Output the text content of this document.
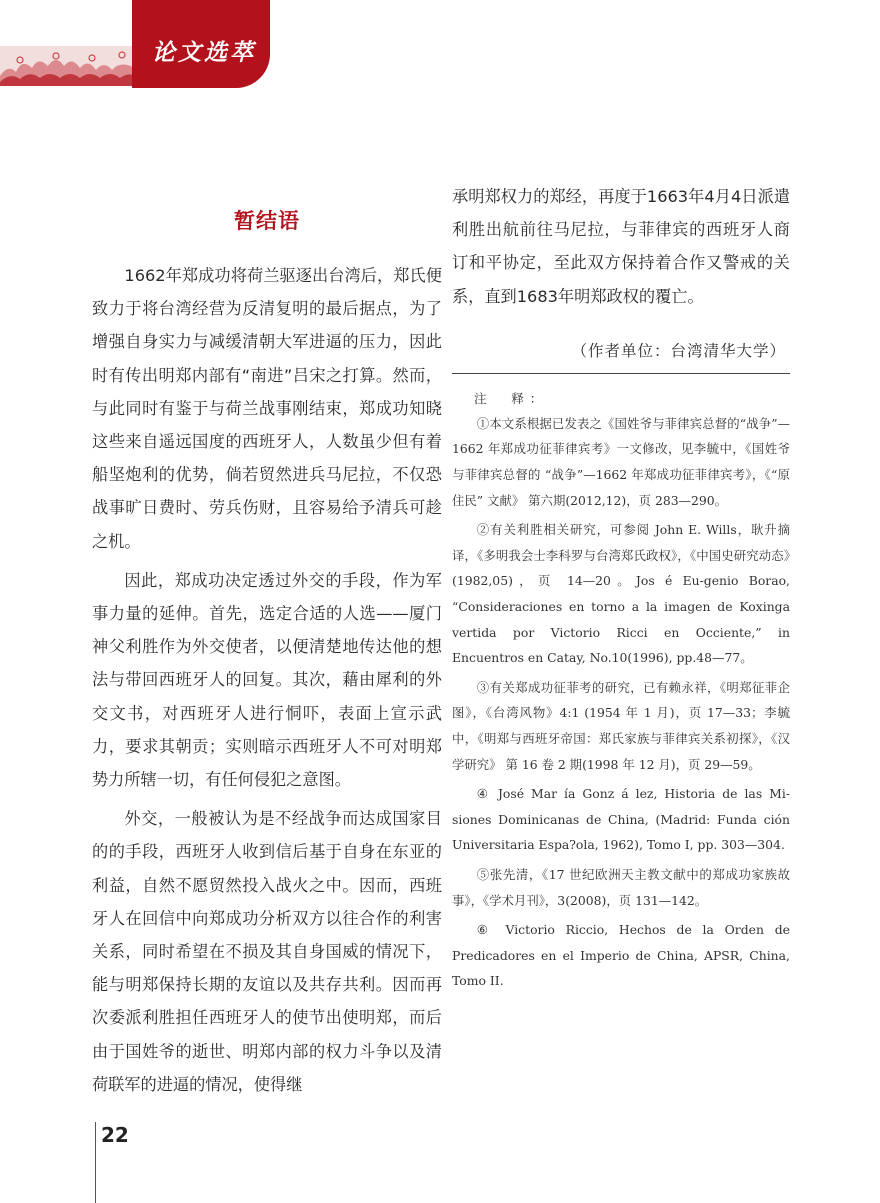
论文选萃
暂结语

1662年郑成功将荷兰驱逐出台湾后，郑氏便致力于将台湾经营为反清复明的最后据点，为了增强自身实力与减缓清朝大军进逼的压力，因此时有传出明郑内部有“南进”吕宋之打算。然而，与此同时有鉴于与荷兰战事刚结束，郑成功知晓这些来自遥远国度的西班牙人，人数虽少但有着船坚炮利的优势，倘若贸然进兵马尼拉，不仅恐战事旷日费时、劳兵伤财，且容易给予清兵可趁之机。

因此，郑成功决定透过外交的手段，作为军事力量的延伸。首先，选定合适的人选——厦门神父利胜作为外交使者，以便清楚地传达他的想法与带回西班牙人的回复。其次，藉由犀利的外交文书，对西班牙人进行恫吓，表面上宣示武力，要求其朝贡；实则暗示西班牙人不可对明郑势力所辖一切，有任何侵犯之意图。

外交，一般被认为是不经战争而达成国家目的的手段，西班牙人收到信后基于自身在东亚的利益，自然不愿贸然投入战火之中。因而，西班牙人在回信中向郑成功分析双方以往合作的利害关系，同时希望在不损及其自身国威的情况下，能与明郑保持长期的友谊以及共存共利。因而再次委派利胜担任西班牙人的使节出使明郑，而后由于国姓爷的逝世、明郑内部的权力斗争以及清荷联军的进逼的情况，使得继

承明郑权力的郑经，再度于1663年4月4日派遣利胜出航前往马尼拉，与菲律宾的西班牙人商订和平协定，至此双方保持着合作又警戒的关系，直到1683年明郑政权的覆亡。

（作者单位：台湾清华大学）
注　释：

①本文系根据已发表之《国姓爷与菲律宾总督的“战争”—1662 年郑成功征菲律宾考》一文修改，见李毓中，《国姓爷与菲律宾总督的 “战争”—1662 年郑成功征菲律宾考》，《“原住民” 文献》 第六期(2012,12)，页 283—290。

②有关利胜相关研究，可参阅 John E. Wills，耿升摘译，《多明我会士李科罗与台湾郑氏政权》，《中国史研究动态》(1982,05)，页 14—20。Jos é Eu-genio Borao, “Consideraciones en torno a la imagen de Koxinga vertida por Victorio Ricci en Occiente,” in Encuentros en Catay, No.10(1996), pp.48—77。

③有关郑成功征菲考的研究，已有赖永祥，《明郑征菲企图》，《台湾风物》4:1 (1954 年 1 月)，页 17—33；李毓中，《明郑与西班牙帝国：郑氏家族与菲律宾关系初探》，《汉学研究》 第 16 卷 2 期(1998 年 12 月)，页 29—59。

④ José Mar ía Gonz á lez, Historia de las Mi-siones Dominicanas de China, (Madrid: Funda ción Universitaria Espa?ola, 1962), Tomo I, pp. 303—304.

⑤张先清，《17 世纪欧洲天主教文献中的郑成功家族故事》，《学术月刊》，3(2008)，页 131—142。

⑥ Victorio Riccio, Hechos de la Orden de Predicadores en el Imperio de China, APSR, China, Tomo II.

22
